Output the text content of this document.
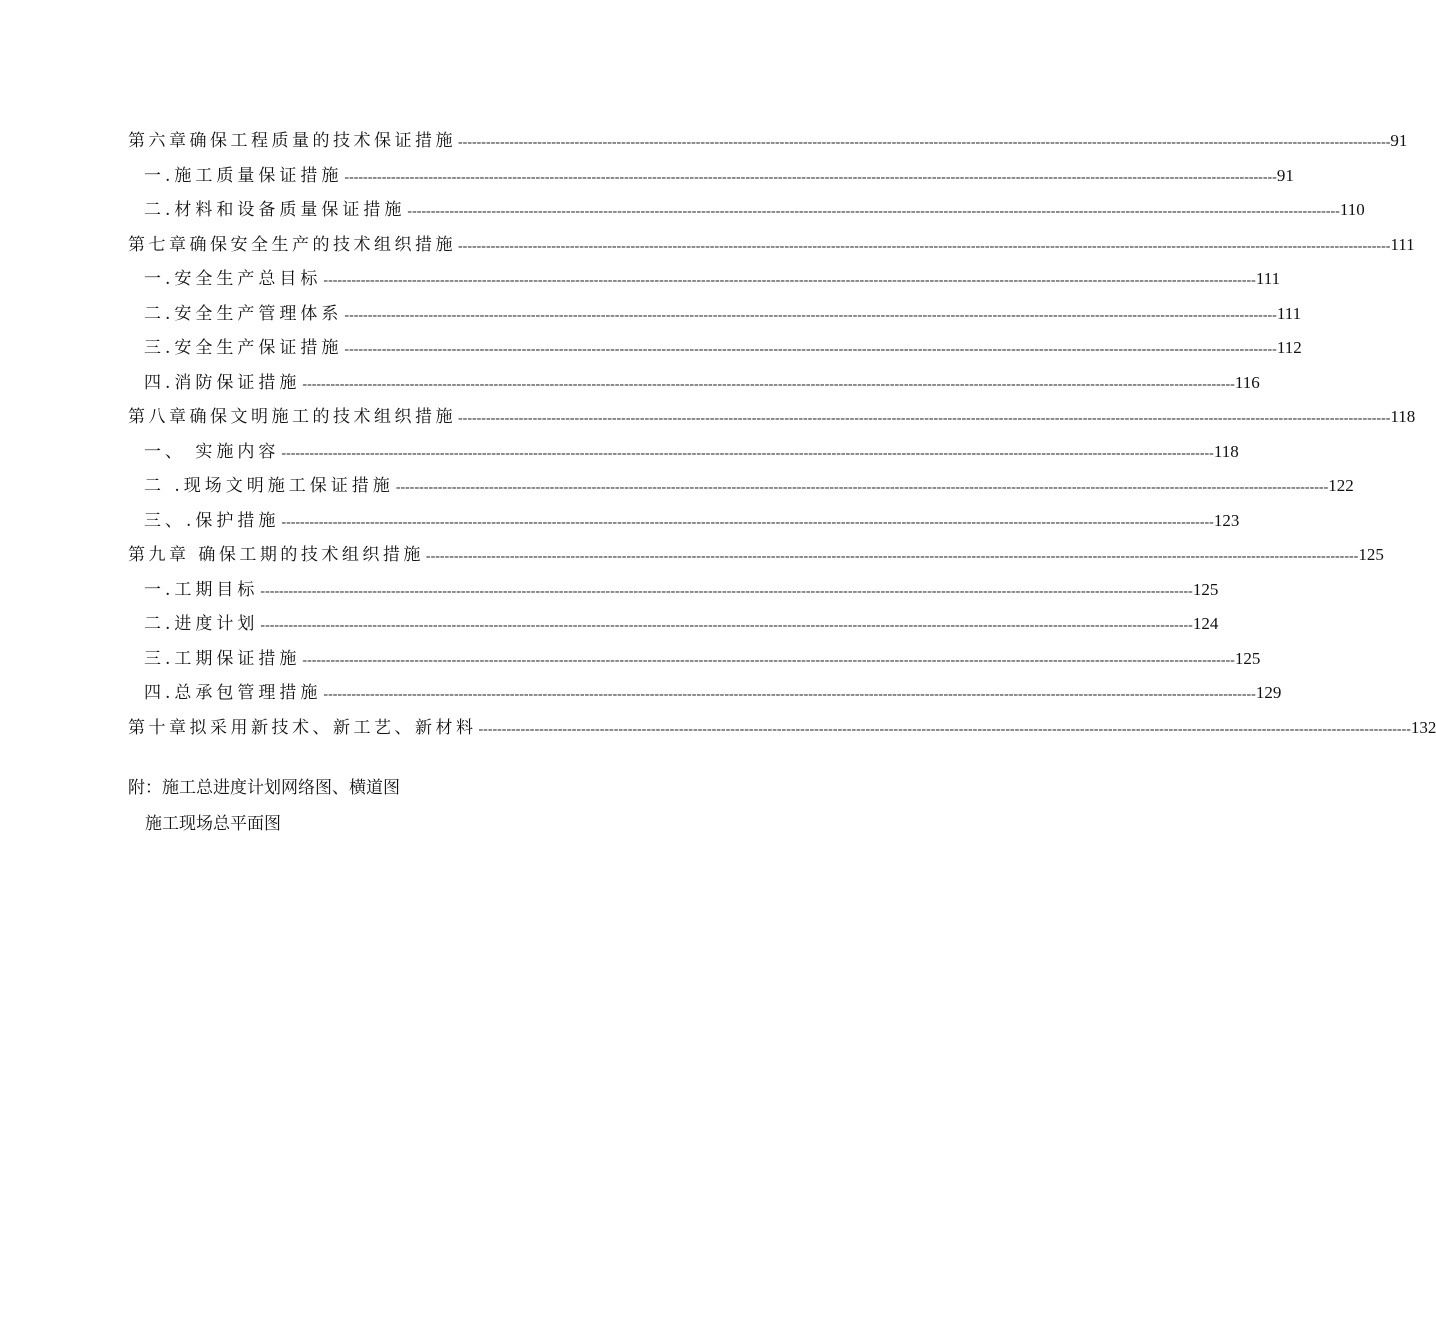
第六章确保工程质量的技术保证措施 -------------------------------------------------------------------------------------------------------------------------------------------------------------------------------------------------------- 91
一.施工质量保证措施 -------------------------------------------------------------------------------------------------------------------------------------------------------------------------------------------------------- 91
二.材料和设备质量保证措施 -------------------------------------------------------------------------------------------------------------------------------------------------------------------------------------------------------- 110
第七章确保安全生产的技术组织措施 -------------------------------------------------------------------------------------------------------------------------------------------------------------------------------------------------------- 111
一.安全生产总目标 -------------------------------------------------------------------------------------------------------------------------------------------------------------------------------------------------------- 111
二.安全生产管理体系 -------------------------------------------------------------------------------------------------------------------------------------------------------------------------------------------------------- 111
三.安全生产保证措施 -------------------------------------------------------------------------------------------------------------------------------------------------------------------------------------------------------- 112
四.消防保证措施 -------------------------------------------------------------------------------------------------------------------------------------------------------------------------------------------------------- 116
第八章确保文明施工的技术组织措施 -------------------------------------------------------------------------------------------------------------------------------------------------------------------------------------------------------- 118
一、 实施内容 -------------------------------------------------------------------------------------------------------------------------------------------------------------------------------------------------------- 118
二 .现场文明施工保证措施 -------------------------------------------------------------------------------------------------------------------------------------------------------------------------------------------------------- 122
三、.保护措施 -------------------------------------------------------------------------------------------------------------------------------------------------------------------------------------------------------- 123
第九章 确保工期的技术组织措施 -------------------------------------------------------------------------------------------------------------------------------------------------------------------------------------------------------- 125
一.工期目标 -------------------------------------------------------------------------------------------------------------------------------------------------------------------------------------------------------- 125
二.进度计划 -------------------------------------------------------------------------------------------------------------------------------------------------------------------------------------------------------- 124
三.工期保证措施 -------------------------------------------------------------------------------------------------------------------------------------------------------------------------------------------------------- 125
四.总承包管理措施 -------------------------------------------------------------------------------------------------------------------------------------------------------------------------------------------------------- 129
第十章拟采用新技术、新工艺、新材料 -------------------------------------------------------------------------------------------------------------------------------------------------------------------------------------------------------- 132
附：施工总进度计划网络图、横道图
施工现场总平面图
